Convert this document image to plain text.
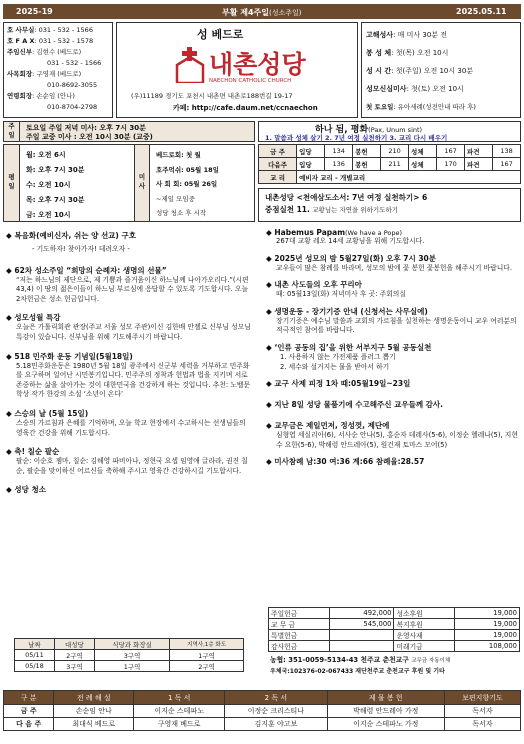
2025-19	부활 제4주일(성소주일)	2025.05.11
호 사무실: 031 - 532 - 1566
호 F A X: 031 - 532 - 1578
주임신부: 김현수 (베드로)
031 - 532 - 1566
사목회장: 구영재 (베드로)
010-8692-3055
연령회장: 손순임 (안나)
010-8704-2798
성 베드로
내촌성당
NAECHON CATHOLIC CHURCH
(우)11189 경기도 포천시 내촌면 내촌로188번길 19-17
카페: http://cafe.daum.net/ccnaechon
고해성사: 매 미사 30분 전
봉 성 체: 첫(목) 오전 10시
성 시 간: 첫(주일) 오전 10시 30분
성모신심미사: 첫(토) 오전 10시
첫 토요일: 유아세례(성전안내 따라 후)
주
일
토요일 주일 저녁 미사: 오후 7시 30분
주일 교중 미사 : 오전 10시 30분 (교중)
하나 됨, 평화(Pax, Unum sint)
1. 말씀과 성체 살기 2. 7년 여정 실천하기 3. 교리 다시 배우기
평
일
월: 오전 6시
화: 오후 7시 30분
수: 오전 10시
목: 오후 7시 30분
금: 오전 10시
미
사
베드로회: 첫 월
호주먹쉬: 05월 18일
사 회 회: 05월 26일
~제일 모임중
성당 청소 후 시작
금 주	입당	134	봉헌	210	성체	167	파견	138
다음주	입당	136	봉헌	211	성체	170	파견	167
교 리	예비자 교리 - 개별교리							
내촌성당 <천애삼도소서: 7년 여정 실천하기> 6
중점실천 11. 교황님는 자연을 위하기도하기
◆ 복음화(예비신자, 쉬는 양 선교) 구호
- 기도하자! 찾아가자! 데려오자 -
◆ 62차 성소주일 “희망의 순례자: 생명의 선물”
“저는 하느님의 제단으로, 제 기쁨과 즐거움이신 하느님께 나아가오리다.”(시편43,4) 이 땅의 젊은이들이 하느님 부르심에 응답할 수 있도록 기도합시다. 오늘 2차헌금은 성소 헌금입니다.
◆ 성모성월 특강
오늘은 가톨릭회관 관장(주교 서울 성모 주관)이신 김한배 안젤로 신부님 성모님 특강이 있습니다. 신부님을 위해 기도해주시기 바랍니다.
◆ 518 민주화 운동 기념일(5월18일)
5.18민주화운동은 1980년 5월 18일 광주에서 신군부 세력을 거부하고 민주화를 요구하며 일어난 시민봉기입니다. 민주주의 정착과 헌법과 법을 지키며 서로 존중하는 삶을 살아가는 것이 대한민국을 건강하게 하는 것입니다. 추천: 노벨문학상 작가 한강의 소설 ‘소년이 온다’
◆ 스승의 날 (5월 15일)
스승의 가르침과 은혜를 기억하며, 오늘 학교 현장에서 수고하시는 선생님들의 영육간 건강을 위해 기도합시다.
◆ 축! 칠순 팔순
팔순: 이순호 젬마, 칠순: 김해영 파비아나, 정현국 요셉 임영애 글라라, 권진 칠순, 팔순을 맞이하신 어르신들 축하해 주시고 영육간 건강하시길 기도합시다.
◆ 성당 청소
날짜	대성당	식당과 화장실	지역사,1층 화도
05/11	2구역	3구역	1구역
05/18	3구역	1구역	2구역
◆ Habemus Papam(We have a Pope)
267대 교황 레오 14세 교황님을 위해 기도합시다.
◆ 2025년 성모의 밤 5월27일(화) 오후 7시 30분
교우들이 많은 참례를 바라며, 성모의 밤에 꽃 봉헌 꽃봉헌을 해주시기 바랍니다.
◆ 내촌 사도들의 오후 꾸리아
때: 05월13일(화) 저녁미사 후 곳: 주회의실
◆ 생명운동 - 장기기증 안내 (신청서는 사무실에)
장기기증은 예수님 말씀과 교회의 가르침을 실천하는 생명운동이니 교우 여러분의 적극적인 참여를 바랍니다.
◆ ‘인류 공동의 집’을 위한 서부지구 5월 공동실천
1. 사용하지 않는 가전제품 플러그 뽑기
2. 세수와 설거지는 물을 받아서 하기
◆ 교구 사제 피정 1차 때:05월19일~23일
◆ 지난 8일 성당 물품기에 수고해주신 교우들께 감사.
◆ 교무금은 제일먼저, 정성껏, 제단에
심형엽 세실리아(6), 서사순 안나(5), 홍순자 데레사(5-6), 이정순 헬레나(5), 지현수 요한(5-6), 박해령 안드레아(5), 원건재 토마스 모어(5)
◆ 미사참례 남:30 여:36 계:66 참례율:28.57
주일헌금	492,000	성소후원	19,000
교 무 금	545,000	복지후원	19,000
특별헌금		운영사제	19,000
감사헌금		미래기금	108,000
농협: 351-0059-5134-43 천주교 춘천교구 교무금 자동이체
우체국:102376-02-067433 재단천주교 춘천교구 후원 및 기타
구 분	전 례 해 설	1 독 서	2 독 서	제 물 봉 헌	보편지향기도
금 주	손순임 안나	이지순 스테파노	이정순 크리스티나	박해령 안드레아 가정	독서자
다 음 주	최대식 베드로	구영재 베드로	김지훈 야고보	이지순 스테파노 가정	독서자
